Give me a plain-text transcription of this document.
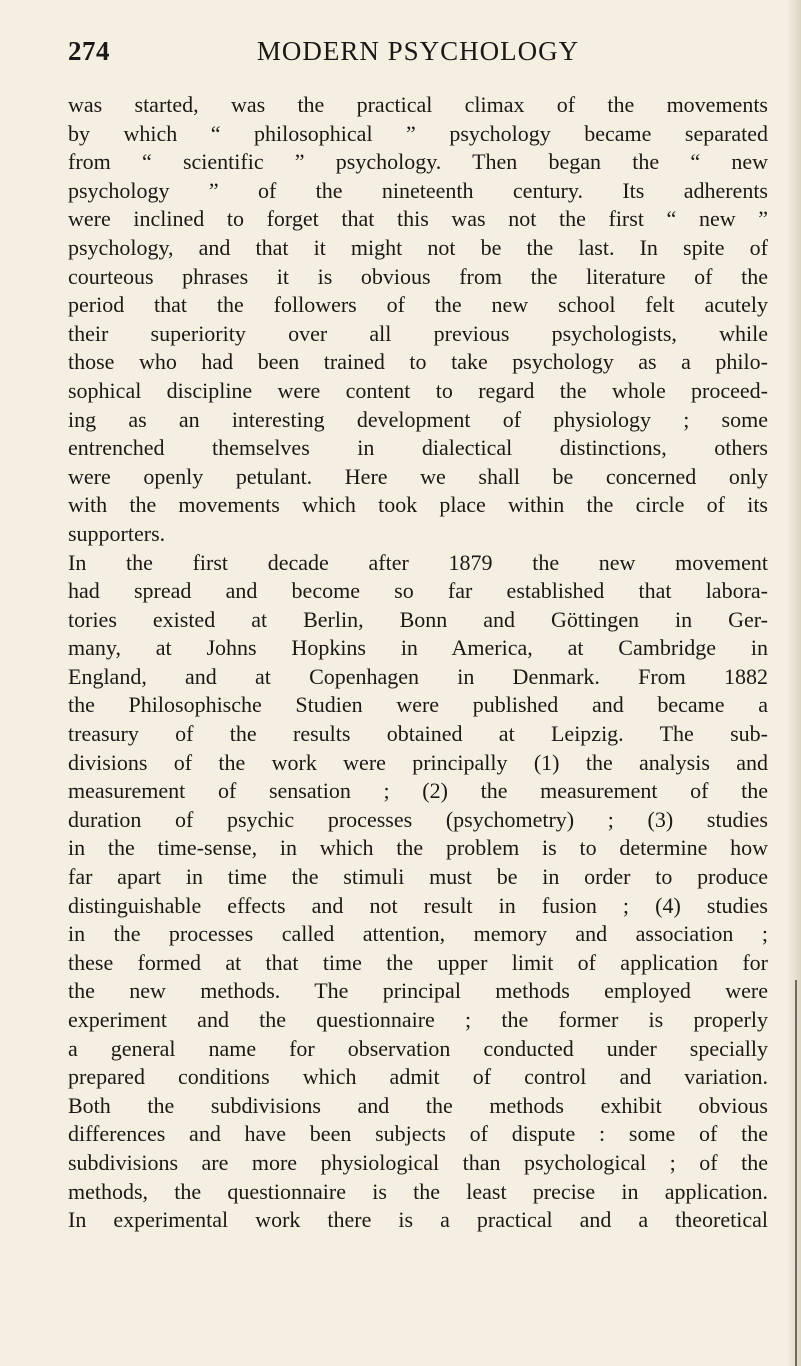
274	MODERN PSYCHOLOGY
was started, was the practical climax of the movements
by which “ philosophical ” psychology became separated
from “ scientific ” psychology. Then began the “ new
psychology ” of the nineteenth century. Its adherents
were inclined to forget that this was not the first “ new ”
psychology, and that it might not be the last. In spite of
courteous phrases it is obvious from the literature of the
period that the followers of the new school felt acutely
their superiority over all previous psychologists, while
those who had been trained to take psychology as a philo-
sophical discipline were content to regard the whole proceed-
ing as an interesting development of physiology ; some
entrenched themselves in dialectical distinctions, others
were openly petulant. Here we shall be concerned only
with the movements which took place within the circle of its
supporters.
In the first decade after 1879 the new movement
had spread and become so far established that labora-
tories existed at Berlin, Bonn and Göttingen in Ger-
many, at Johns Hopkins in America, at Cambridge in
England, and at Copenhagen in Denmark. From 1882
the Philosophische Studien were published and became a
treasury of the results obtained at Leipzig. The sub-
divisions of the work were principally (1) the analysis and
measurement of sensation ; (2) the measurement of the
duration of psychic processes (psychometry) ; (3) studies
in the time-sense, in which the problem is to determine how
far apart in time the stimuli must be in order to produce
distinguishable effects and not result in fusion ; (4) studies
in the processes called attention, memory and association ;
these formed at that time the upper limit of application for
the new methods. The principal methods employed were
experiment and the questionnaire ; the former is properly
a general name for observation conducted under specially
prepared conditions which admit of control and variation.
Both the subdivisions and the methods exhibit obvious
differences and have been subjects of dispute : some of the
subdivisions are more physiological than psychological ; of the
methods, the questionnaire is the least precise in application.
In experimental work there is a practical and a theoretical
